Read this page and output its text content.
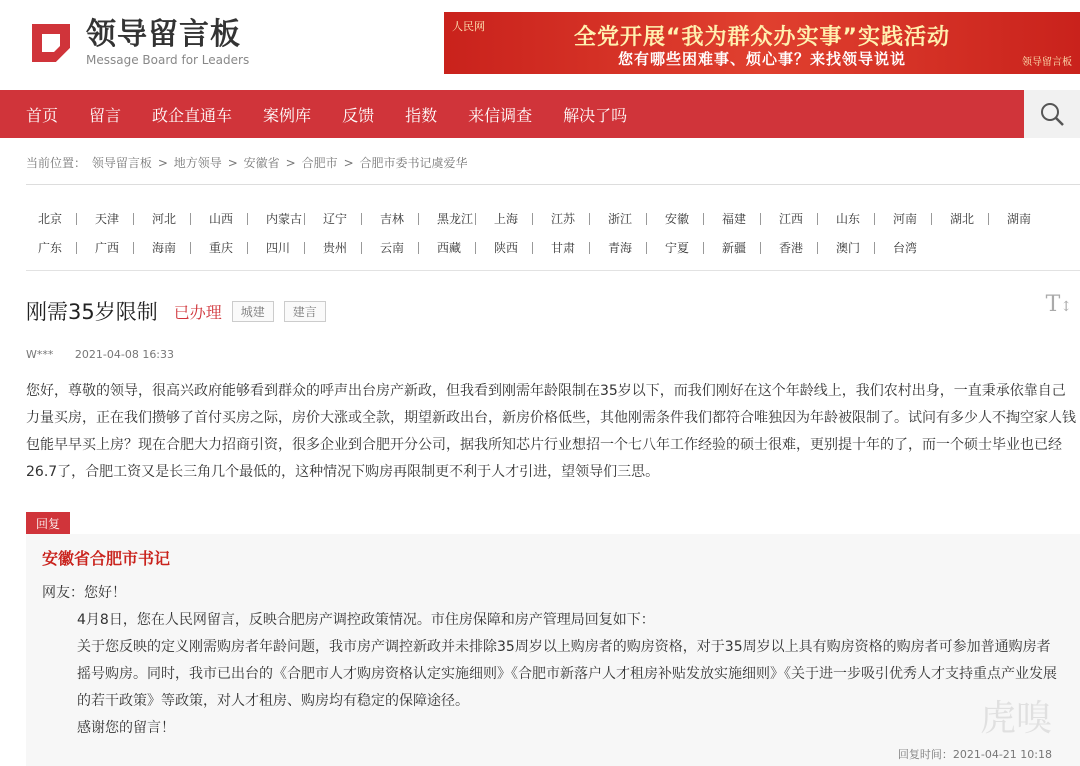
领导留言板
Message Board for Leaders
人民网	全党开展“我为群众办实事”实践活动
您有哪些困难事、烦心事？来找领导说说	领导留言板
首页 留言 政企直通车 案例库 反馈 指数 来信调查 解决了吗
当前位置： 领导留言板 > 地方领导 > 安徽省 > 合肥市 > 合肥市委书记虞爱华
北京	天津	河北	山西	内蒙古	辽宁	吉林	黑龙江	上海	江苏	浙江	安徽	福建	江西	山东	河南	湖北	湖南
广东	广西	海南	重庆	四川	贵州	云南	西藏	陕西	甘肃	青海	宁夏	新疆	香港	澳门	台湾
刚需35岁限制 已办理	城建	建言	T↕
W*** 2021-04-08 16:33
您好，尊敬的领导，很高兴政府能够看到群众的呼声出台房产新政，但我看到刚需年龄限制在35岁以下，而我们刚好在这个年龄线上，我们农村出身，一直秉承依靠自己力量买房，正在我们攒够了首付买房之际，房价大涨或全款，期望新政出台，新房价格低些，其他刚需条件我们都符合唯独因为年龄被限制了。试问有多少人不掏空家人钱包能早早买上房？现在合肥大力招商引资，很多企业到合肥开分公司，据我所知芯片行业想招一个七八年工作经验的硕士很难，更别提十年的了，而一个硕士毕业也已经26.7了，合肥工资又是长三角几个最低的，这种情况下购房再限制更不利于人才引进，望领导们三思。
回复
安徽省合肥市书记
网友：您好！
4月8日，您在人民网留言，反映合肥房产调控政策情况。市住房保障和房产管理局回复如下：
关于您反映的定义刚需购房者年龄问题，我市房产调控新政并未排除35周岁以上购房者的购房资格，对于35周岁以上具有购房资格的购房者可参加普通购房者摇号购房。同时，我市已出台的《合肥市人才购房资格认定实施细则》《合肥市新落户人才租房补贴发放实施细则》《关于进一步吸引优秀人才支持重点产业发展的若干政策》等政策，对人才租房、购房均有稳定的保障途径。
感谢您的留言！
回复时间：2021-04-21 10:18
虎嗅
